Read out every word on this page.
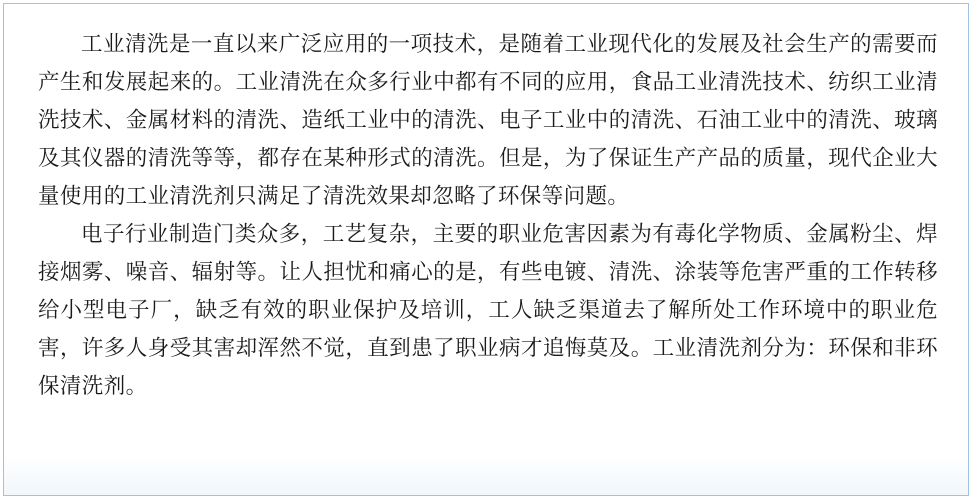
工业清洗是一直以来广泛应用的一项技术，是随着工业现代化的发展及社会生产的需要而产生和发展起来的。工业清洗在众多行业中都有不同的应用，食品工业清洗技术、纺织工业清洗技术、金属材料的清洗、造纸工业中的清洗、电子工业中的清洗、石油工业中的清洗、玻璃及其仪器的清洗等等，都存在某种形式的清洗。但是，为了保证生产产品的质量，现代企业大量使用的工业清洗剂只满足了清洗效果却忽略了环保等问题。

电子行业制造门类众多，工艺复杂，主要的职业危害因素为有毒化学物质、金属粉尘、焊接烟雾、噪音、辐射等。让人担忧和痛心的是，有些电镀、清洗、涂装等危害严重的工作转移给小型电子厂，缺乏有效的职业保护及培训，工人缺乏渠道去了解所处工作环境中的职业危害，许多人身受其害却浑然不觉，直到患了职业病才追悔莫及。工业清洗剂分为：环保和非环保清洗剂。
